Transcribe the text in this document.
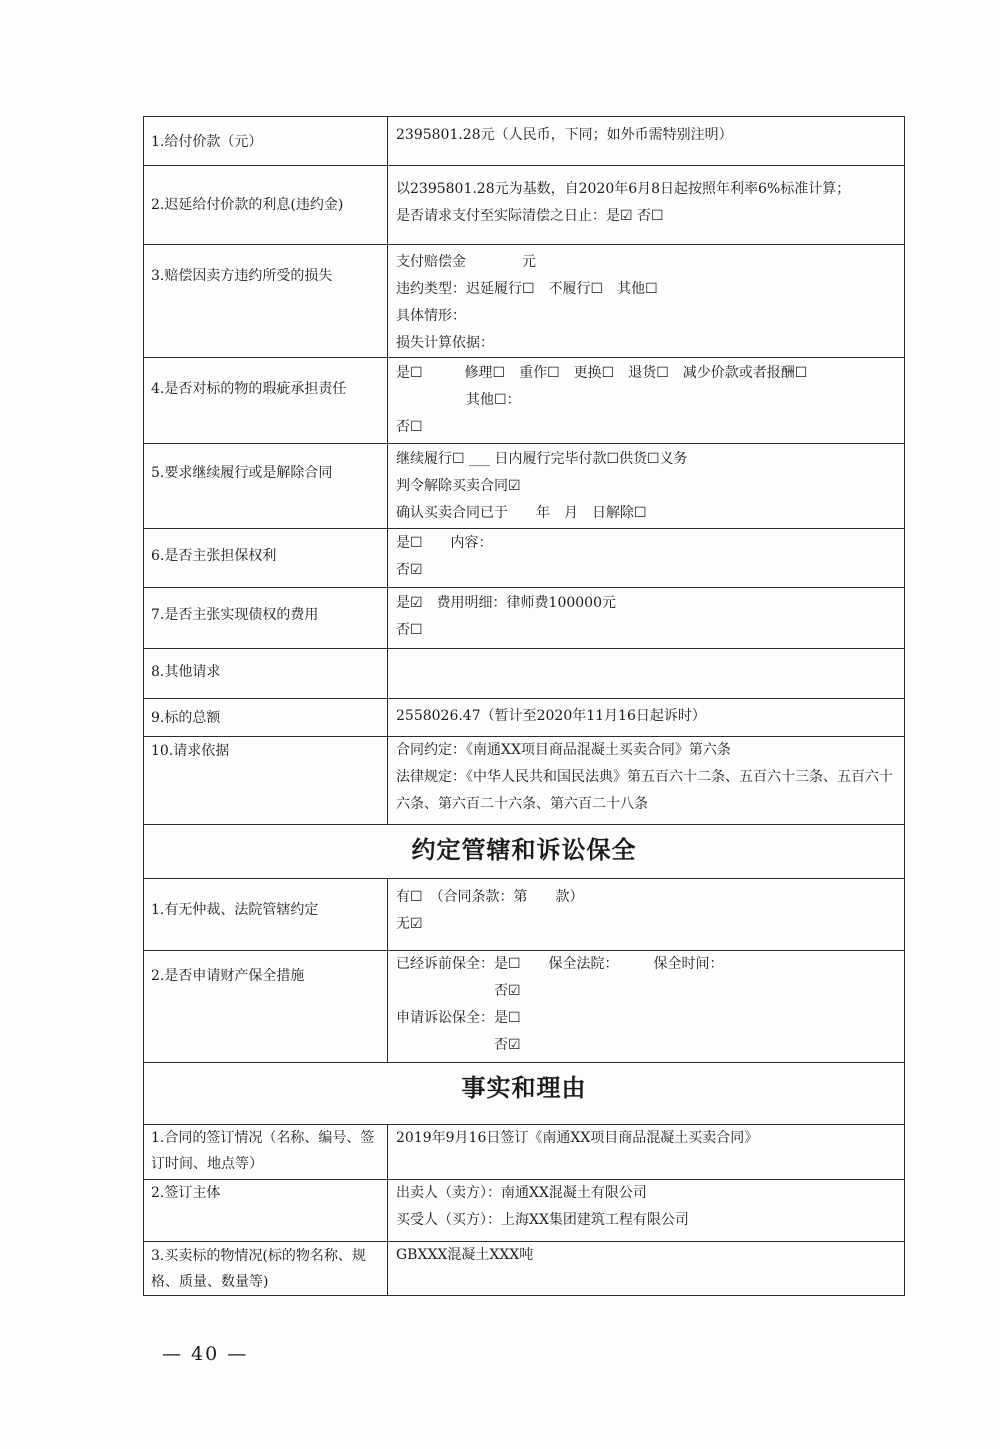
1.给付价款（元）	2395801.28元（人民币，下同；如外币需特别注明）

2.迟延给付价款的利息(违约金)	以2395801.28元为基数，自2020年6月8日起按照年利率6%标准计算；
是否请求支付至实际清偿之日止：是☑ 否☐

3.赔偿因卖方违约所受的损失	支付赔偿金　　　　元
违约类型：迟延履行☐　不履行☐　其他☐
具体情形：
损失计算依据：

4.是否对标的物的瑕疵承担责任	是☐　　　修理☐　重作☐　更换☐　退货☐　减少价款或者报酬☐
　　　　　其他☐：
否☐

5.要求继续履行或是解除合同	继续履行☐ ___ 日内履行完毕付款☐供货☐义务
判令解除买卖合同☑
确认买卖合同已于　　年　月　日解除☐

6.是否主张担保权利	是☐　　内容：
否☑

7.是否主张实现债权的费用	是☑　费用明细：律师费100000元
否☐

8.其他请求	

9.标的总额	2558026.47（暂计至2020年11月16日起诉时）

10.请求依据	合同约定：《南通XX项目商品混凝土买卖合同》第六条
法律规定：《中华人民共和国民法典》第五百六十二条、五百六十三条、五百六十六条、第六百二十六条、第六百二十八条

约定管辖和诉讼保全	

1.有无仲裁、法院管辖约定	有☐　（合同条款：第　　款）
无☑

2.是否申请财产保全措施	已经诉前保全：是☐　　保全法院：　　　保全时间：
　　　　　　　否☑
申请诉讼保全：是☐
　　　　　　　否☑

事实和理由	

1.合同的签订情况（名称、编号、签订时间、地点等）	2019年9月16日签订《南通XX项目商品混凝土买卖合同》

2.签订主体	出卖人（卖方）：南通XX混凝土有限公司
买受人（买方）：上海XX集团建筑工程有限公司

3.买卖标的物情况(标的物名称、规格、质量、数量等)	GBXXX混凝土XXX吨
— 40 —
